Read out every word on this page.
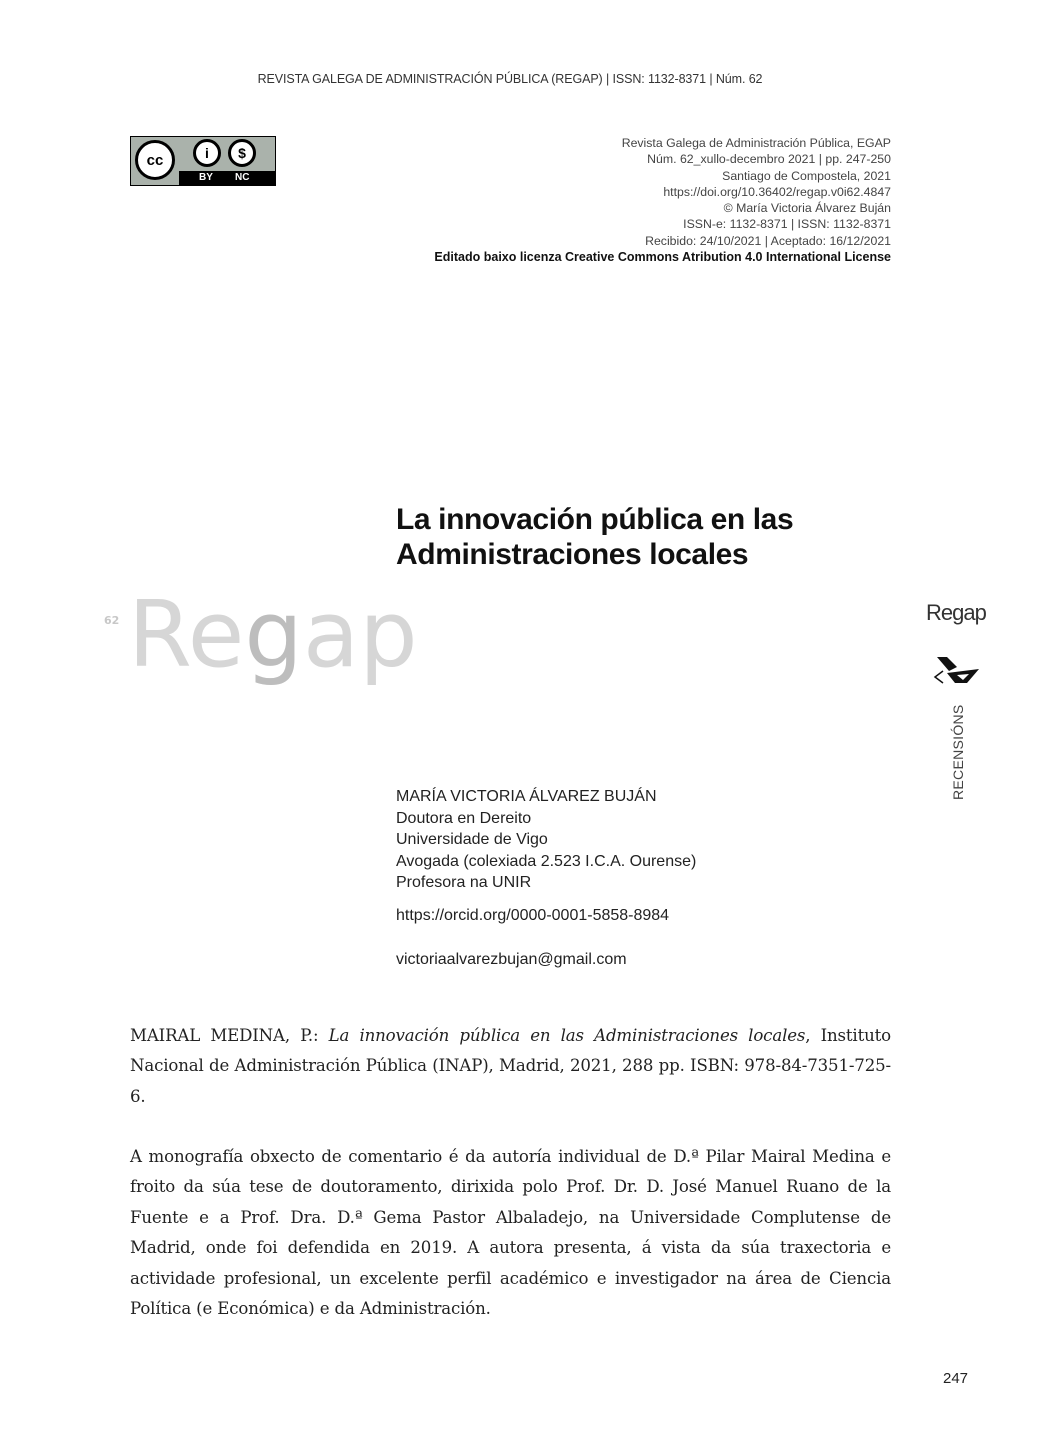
REVISTA GALEGA DE ADMINISTRACIÓN PÚBLICA (REGAP) | ISSN: 1132-8371 | Núm. 62
cc	i	$
BY NC
Revista Galega de Administración Pública, EGAP
Núm. 62_xullo-decembro 2021 | pp. 247-250
Santiago de Compostela, 2021
https://doi.org/10.36402/regap.v0i62.4847
© María Victoria Álvarez Buján
ISSN-e: 1132-8371 | ISSN: 1132-8371
Recibido: 24/10/2021 | Aceptado: 16/12/2021
Editado baixo licenza Creative Commons Atribution 4.0 International License
La innovación pública en las
Administraciones locales
Regap
62	Regap
RECENSIÓNS
MARÍA VICTORIA ÁLVAREZ BUJÁN
Doutora en Dereito
Universidade de Vigo
Avogada (colexiada 2.523 I.C.A. Ourense)
Profesora na UNIR
https://orcid.org/0000-0001-5858-8984
victoriaalvarezbujan@gmail.com
MAIRAL MEDINA, P.: La innovación pública en las Administraciones locales, Instituto Nacional de Administración Pública (INAP), Madrid, 2021, 288 pp. ISBN: 978-84-7351-725-6.
A monografía obxecto de comentario é da autoría individual de D.ª Pilar Mairal Medina e froito da súa tese de doutoramento, dirixida polo Prof. Dr. D. José Manuel Ruano de la Fuente e a Prof. Dra. D.ª Gema Pastor Albaladejo, na Universidade Complutense de Madrid, onde foi defendida en 2019. A autora presenta, á vista da súa traxectoria e actividade profesional, un excelente perfil académico e investigador na área de Ciencia Política (e Económica) e da Administración.
247
